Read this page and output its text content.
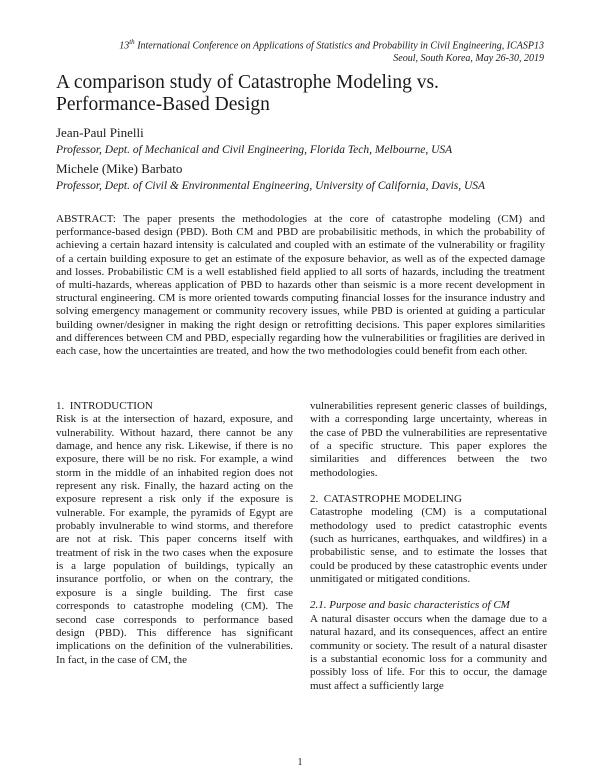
13th International Conference on Applications of Statistics and Probability in Civil Engineering, ICASP13
Seoul, South Korea, May 26-30, 2019
A comparison study of Catastrophe Modeling vs. Performance-Based Design
Jean-Paul Pinelli
Professor, Dept. of Mechanical and Civil Engineering, Florida Tech, Melbourne, USA
Michele (Mike) Barbato
Professor, Dept. of Civil & Environmental Engineering, University of California, Davis, USA

ABSTRACT: The paper presents the methodologies at the core of catastrophe modeling (CM) and performance-based design (PBD). Both CM and PBD are probabilisitic methods, in which the probability of achieving a certain hazard intensity is calculated and coupled with an estimate of the vulnerability or fragility of a certain building exposure to get an estimate of the exposure behavior, as well as of the expected damage and losses. Probabilistic CM is a well established field applied to all sorts of hazards, including the treatment of multi-hazards, whereas application of PBD to hazards other than seismic is a more recent development in structural engineering. CM is more oriented towards computing financial losses for the insurance industry and solving emergency management or community recovery issues, while PBD is oriented at guiding a particular building owner/designer in making the right design or retrofitting decisions. This paper explores similarities and differences between CM and PBD, especially regarding how the vulnerabilities or fragilities are derived in each case, how the uncertainties are treated, and how the two methodologies could benefit from each other.

1.  INTRODUCTION

Risk is at the intersection of hazard, exposure, and vulnerability. Without hazard, there cannot be any damage, and hence any risk. Likewise, if there is no exposure, there will be no risk. For example, a wind storm in the middle of an inhabited region does not represent any risk. Finally, the hazard acting on the exposure represent a risk only if the exposure is vulnerable. For example, the pyramids of Egypt are probably invulnerable to wind storms, and therefore are not at risk. This paper concerns itself with treatment of risk in the two cases when the exposure is a large population of buildings, typically an insurance portfolio, or when on the contrary, the exposure is a single building. The first case corresponds to catastrophe modeling (CM). The second case corresponds to performance based design (PBD). This difference has significant implications on the definition of the vulnerabilities. In fact, in the case of CM, the

vulnerabilities represent generic classes of buildings, with a corresponding large uncertainty, whereas in the case of PBD the vulnerabilities are representative of a specific structure. This paper explores the similarities and differences between the two methodologies.

2.  CATASTROPHE MODELING

Catastrophe modeling (CM) is a computational methodology used to predict catastrophic events (such as hurricanes, earthquakes, and wildfires) in a probabilistic sense, and to estimate the losses that could be produced by these catastrophic events under unmitigated or mitigated conditions.

2.1. Purpose and basic characteristics of CM

A natural disaster occurs when the damage due to a natural hazard, and its consequences, affect an entire community or society. The result of a natural disaster is a substantial economic loss for a community and possibly loss of life. For this to occur, the damage must affect a sufficiently large

1
